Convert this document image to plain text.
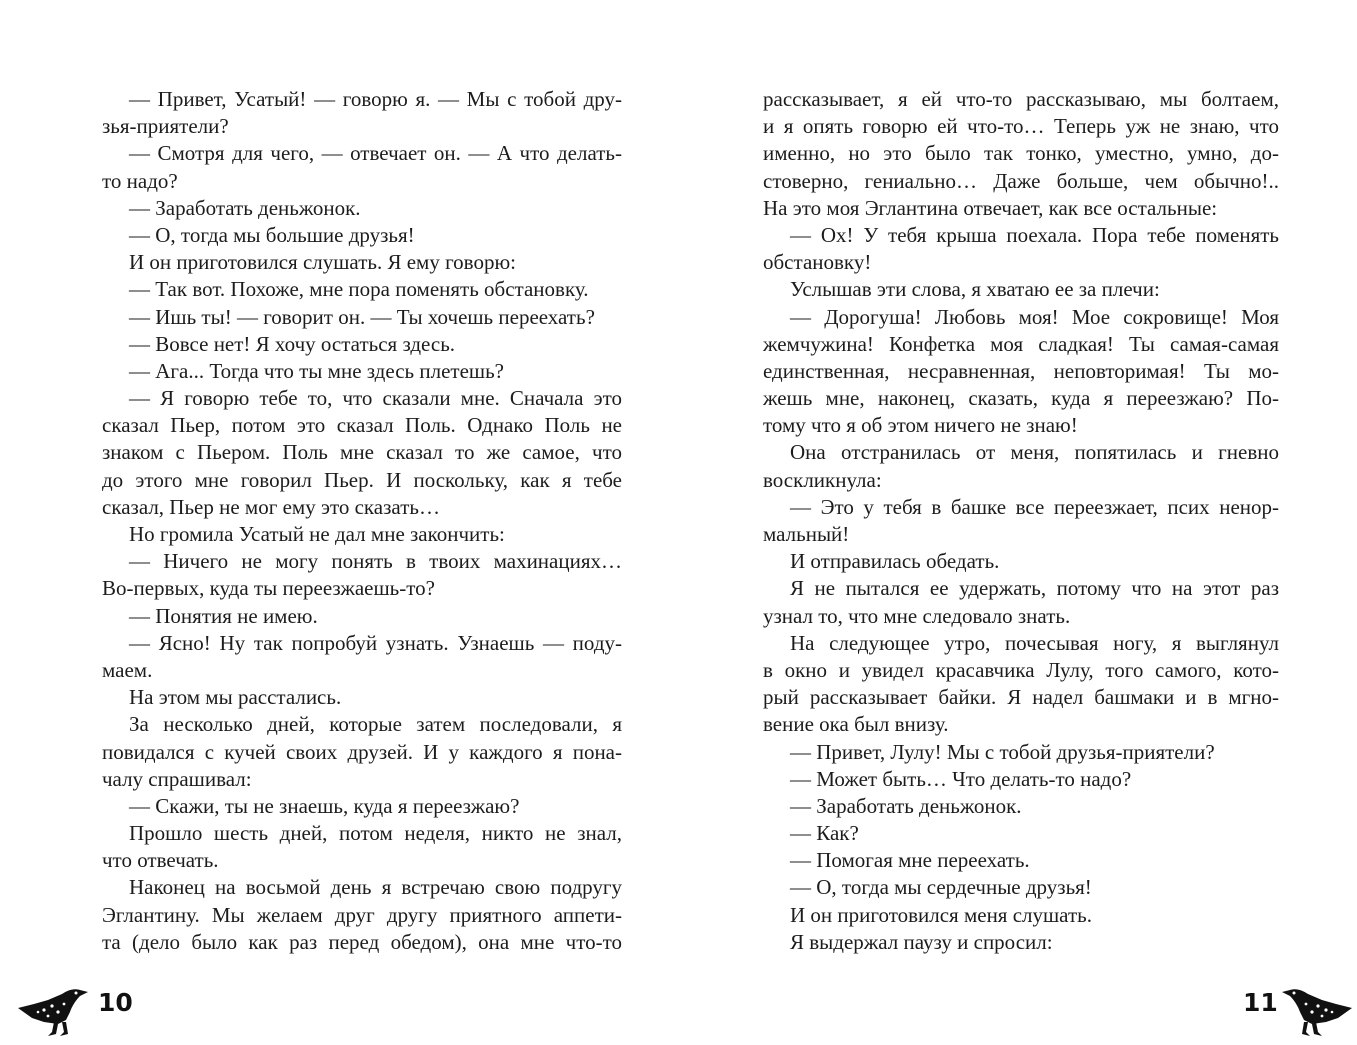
— Привет, Усатый! — говорю я. — Мы с тобой дру-
зья-приятели?
— Смотря для чего, — отвечает он. — А что делать-
то надо?
— Заработать деньжонок.
— О, тогда мы большие друзья!
И он приготовился слушать. Я ему говорю:
— Так вот. Похоже, мне пора поменять обстановку.
— Ишь ты! — говорит он. — Ты хочешь переехать?
— Вовсе нет! Я хочу остаться здесь.
— Ага... Тогда что ты мне здесь плетешь?
— Я говорю тебе то, что сказали мне. Сначала это
сказал Пьер, потом это сказал Поль. Однако Поль не
знаком с Пьером. Поль мне сказал то же самое, что
до этого мне говорил Пьер. И поскольку, как я тебе
сказал, Пьер не мог ему это сказать…
Но громила Усатый не дал мне закончить:
— Ничего не могу понять в твоих махинациях…
Во-первых, куда ты переезжаешь-то?
— Понятия не имею.
— Ясно! Ну так попробуй узнать. Узнаешь — поду-
маем.
На этом мы расстались.
За несколько дней, которые затем последовали, я
повидался с кучей своих друзей. И у каждого я пона-
чалу спрашивал:
— Скажи, ты не знаешь, куда я переезжаю?
Прошло шесть дней, потом неделя, никто не знал,
что отвечать.
Наконец на восьмой день я встречаю свою подругу
Эглантину. Мы желаем друг другу приятного аппети-
та (дело было как раз перед обедом), она мне что-то
рассказывает, я ей что-то рассказываю, мы болтаем,
и я опять говорю ей что-то… Теперь уж не знаю, что
именно, но это было так тонко, уместно, умно, до-
стоверно, гениально… Даже больше, чем обычно!..
На это моя Эглантина отвечает, как все остальные:
— Ох! У тебя крыша поехала. Пора тебе поменять
обстановку!
Услышав эти слова, я хватаю ее за плечи:
— Дорогуша! Любовь моя! Мое сокровище! Моя
жемчужина! Конфетка моя сладкая! Ты самая-самая
единственная, несравненная, неповторимая! Ты мо-
жешь мне, наконец, сказать, куда я переезжаю? По-
тому что я об этом ничего не знаю!
Она отстранилась от меня, попятилась и гневно
воскликнула:
— Это у тебя в башке все переезжает, псих ненор-
мальный!
И отправилась обедать.
Я не пытался ее удержать, потому что на этот раз
узнал то, что мне следовало знать.
На следующее утро, почесывая ногу, я выглянул
в окно и увидел красавчика Лулу, того самого, кото-
рый рассказывает байки. Я надел башмаки и в мгно-
вение ока был внизу.
— Привет, Лулу! Мы с тобой друзья-приятели?
— Может быть… Что делать-то надо?
— Заработать деньжонок.
— Как?
— Помогая мне переехать.
— О, тогда мы сердечные друзья!
И он приготовился меня слушать.
Я выдержал паузу и спросил:
10	11
